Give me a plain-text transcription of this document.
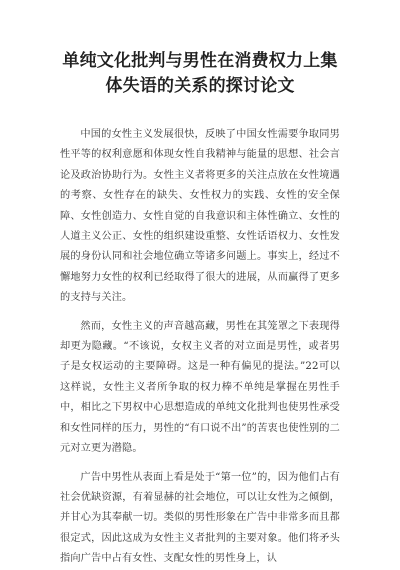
单纯文化批判与男性在消费权力上集体失语的关系的探讨论文

中国的女性主义发展很快，反映了中国女性需要争取同男性平等的权利意愿和体现女性自我精神与能量的思想、社会言论及政治协助行为。女性主义者将更多的关注点放在女性境遇的考察、女性存在的缺失、女性权力的实践、女性的安全保障、女性创造力、女性自觉的自我意识和主体性确立、女性的人道主义公正、女性的组织建设重整、女性话语权力、女性发展的身份认同和社会地位确立等诸多问题上。事实上，经过不懈地努力女性的权利已经取得了很大的进展，从而赢得了更多的支持与关注。

然而，女性主义的声音越高藏，男性在其笼罩之下表现得却更为隐藏。“不该说，女权主义者的对立面是男性，或者男子是女权运动的主要障碍。这是一种有偏见的提法。”22可以这样说，女性主义者所争取的权力棒不单纯是掌握在男性手中，相比之下男权中心思想造成的单纯文化批判也使男性承受和女性同样的压力，男性的“有口说不出”的苦衷也使性别的二元对立更为潜隐。

广告中男性从表面上看是处于“第一位”的，因为他们占有社会优缺资源，有着显赫的社会地位，可以让女性为之倾倒，并甘心为其奉献一切。类似的男性形象在广告中非常多而且都很定式，因此这成为女性主义者批判的主要对象。他们将矛头指向广告中占有女性、支配女性的男性身上，认
